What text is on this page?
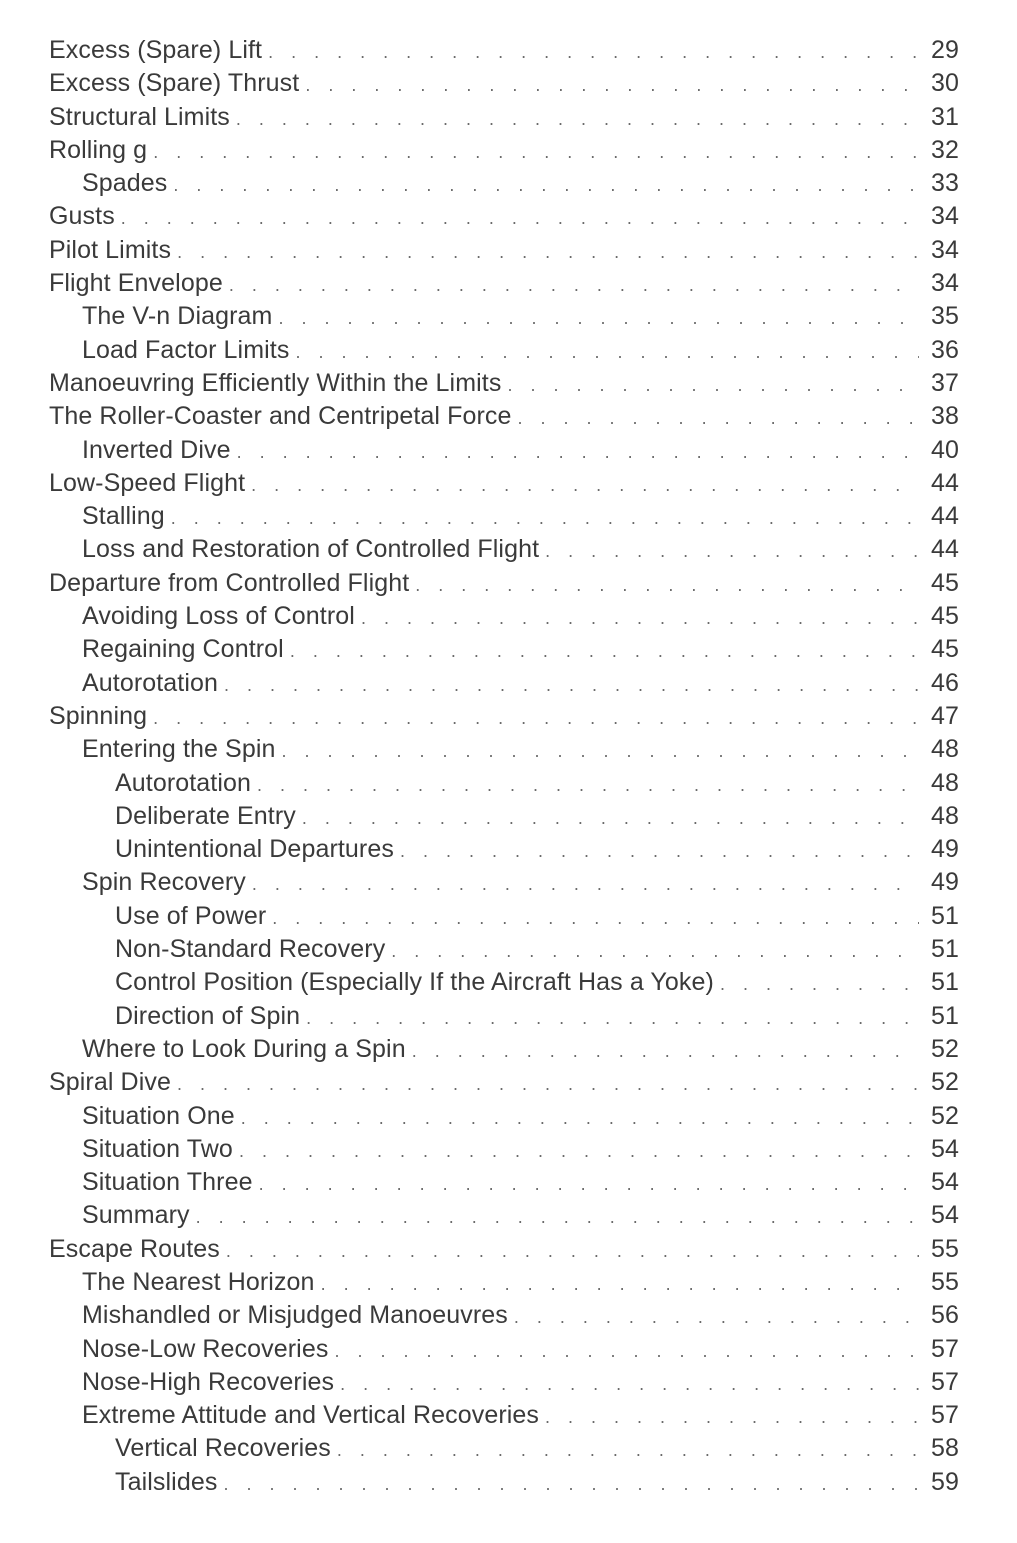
Excess (Spare) Lift . . .	29
Excess (Spare) Thrust . . .	30
Structural Limits . . .	31
Rolling g . . .	32
Spades . . .	33
Gusts . . .	34
Pilot Limits . . .	34
Flight Envelope . . .	34
The V-n Diagram . . .	35
Load Factor Limits . . .	36
Manoeuvring Efficiently Within the Limits . . .	37
The Roller-Coaster and Centripetal Force . . .	38
Inverted Dive . . .	40
Low-Speed Flight . . .	44
Stalling . . .	44
Loss and Restoration of Controlled Flight . . .	44
Departure from Controlled Flight . . .	45
Avoiding Loss of Control . . .	45
Regaining Control . . .	45
Autorotation . . .	46
Spinning . . .	47
Entering the Spin . . .	48
Autorotation . . .	48
Deliberate Entry . . .	48
Unintentional Departures . . .	49
Spin Recovery . . .	49
Use of Power . . .	51
Non-Standard Recovery . . .	51
Control Position (Especially If the Aircraft Has a Yoke) . . .	51
Direction of Spin . . .	51
Where to Look During a Spin . . .	52
Spiral Dive . . .	52
Situation One . . .	52
Situation Two . . .	54
Situation Three . . .	54
Summary . . .	54
Escape Routes . . .	55
The Nearest Horizon . . .	55
Mishandled or Misjudged Manoeuvres . . .	56
Nose-Low Recoveries . . .	57
Nose-High Recoveries . . .	57
Extreme Attitude and Vertical Recoveries . . .	57
Vertical Recoveries . . .	58
Tailslides . . .	59
